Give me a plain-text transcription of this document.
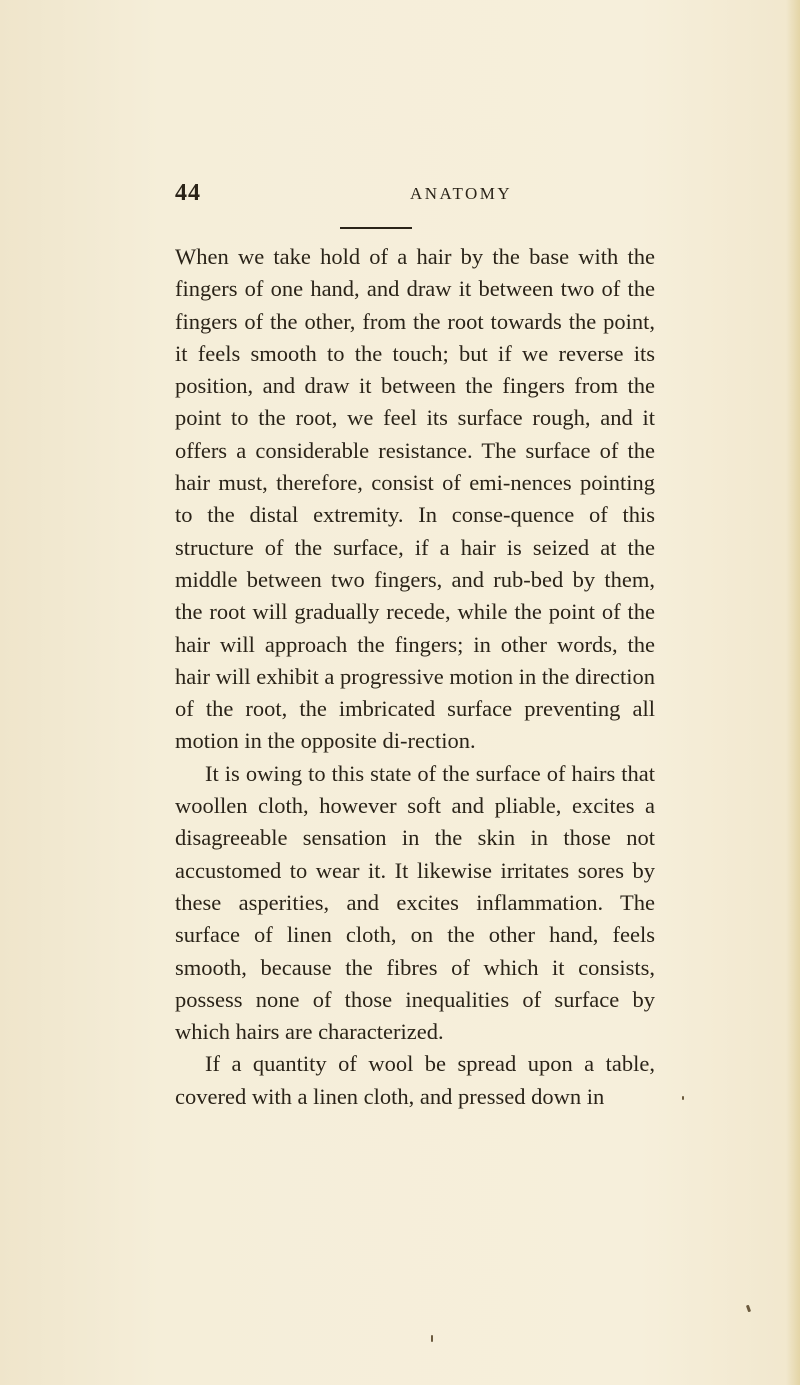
44	ANATOMY

When we take hold of a hair by the base with the fingers of one hand, and draw it between two of the fingers of the other, from the root towards the point, it feels smooth to the touch; but if we reverse its position, and draw it between the fingers from the point to the root, we feel its surface rough, and it offers a considerable resistance. The surface of the hair must, therefore, consist of emi-nences pointing to the distal extremity. In conse-quence of this structure of the surface, if a hair is seized at the middle between two fingers, and rub-bed by them, the root will gradually recede, while the point of the hair will approach the fingers; in other words, the hair will exhibit a progressive motion in the direction of the root, the imbricated surface preventing all motion in the opposite di-rection.

It is owing to this state of the surface of hairs that woollen cloth, however soft and pliable, excites a disagreeable sensation in the skin in those not accustomed to wear it. It likewise irritates sores by these asperities, and excites inflammation. The surface of linen cloth, on the other hand, feels smooth, because the fibres of which it consists, possess none of those inequalities of surface by which hairs are characterized.

If a quantity of wool be spread upon a table, covered with a linen cloth, and pressed down in
